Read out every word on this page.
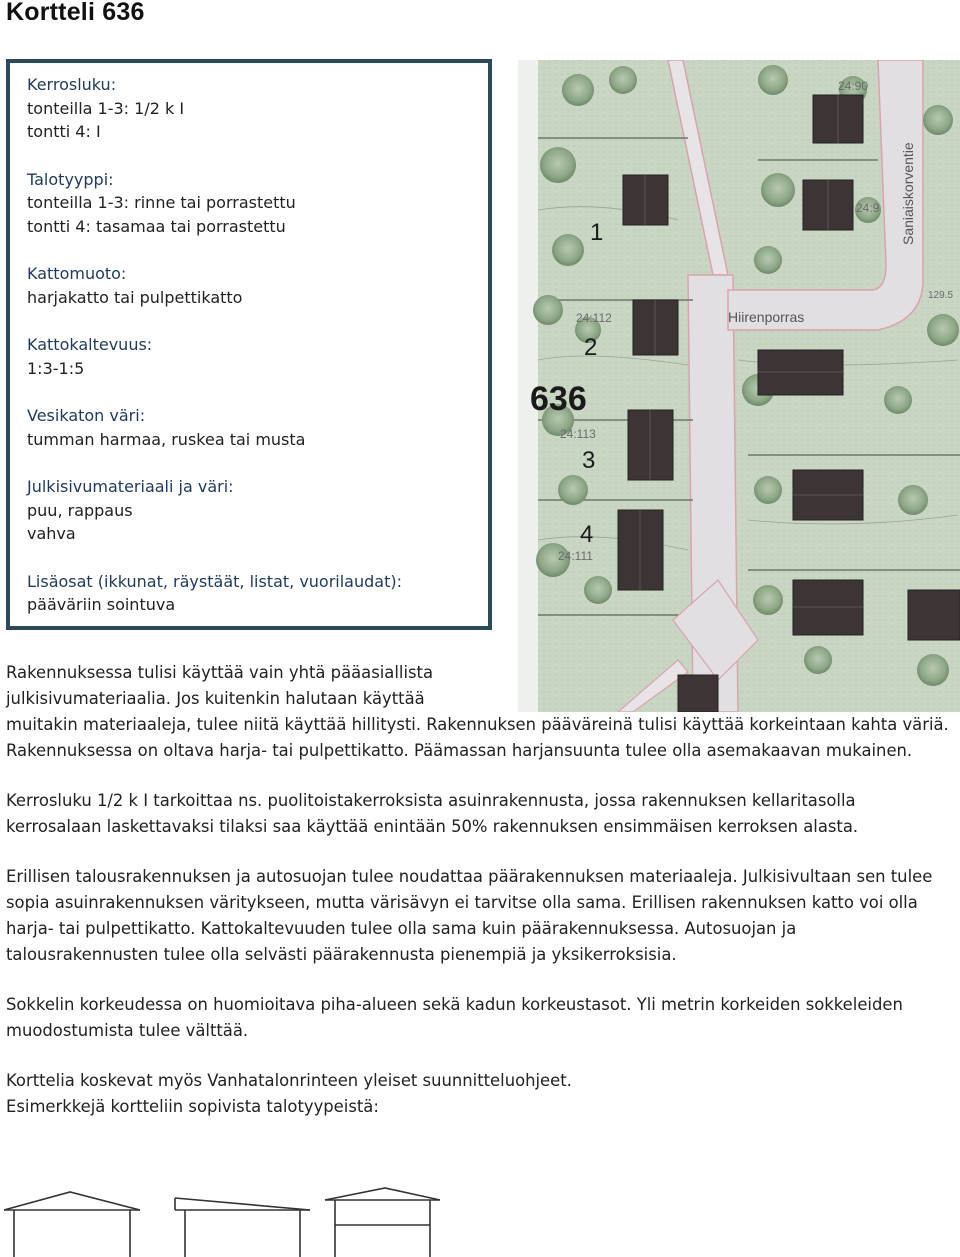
Kortteli 636
Kerrosluku:
tonteilla 1-3: 1/2 k I
tontti 4: I
Talotyyppi:
tonteilla 1-3: rinne tai porrastettu
tontti 4: tasamaa tai porrastettu
Kattomuoto:
harjakatto tai pulpettikatto
Kattokaltevuus:
1:3-1:5
Vesikaton väri:
tumman harmaa, ruskea tai musta
Julkisivumateriaali ja väri:
puu, rappaus
vahva
Lisäosat (ikkunat, räystäät, listat, vuorilaudat):
pääväriin sointuva
636
1
2
3
4
Saniaiskorventie
Hiirenporras
24:90
24:9
24:112
24:113
24:111
129.5

Rakennuksessa tulisi käyttää vain yhtä pääasiallista
julkisivumateriaalia. Jos kuitenkin halutaan käyttää
muitakin materiaaleja, tulee niitä käyttää hillitysti. Rakennuksen pääväreinä tulisi käyttää korkeintaan kahta väriä. Rakennuksessa on oltava harja- tai pulpettikatto. Päämassan harjansuunta tulee olla asemakaavan mukainen.

Kerrosluku 1/2 k I tarkoittaa ns. puolitoistakerroksista asuinrakennusta, jossa rakennuksen kellaritasolla kerrosalaan laskettavaksi tilaksi saa käyttää enintään 50% rakennuksen ensimmäisen kerroksen alasta.

Erillisen talousrakennuksen ja autosuojan tulee noudattaa päärakennuksen materiaaleja. Julkisivultaan sen tulee sopia asuinrakennuksen väritykseen, mutta värisävyn ei tarvitse olla sama. Erillisen rakennuksen katto voi olla harja- tai pulpettikatto. Kattokaltevuuden tulee olla sama kuin päärakennuksessa. Autosuojan ja talousrakennusten tulee olla selvästi päärakennusta pienempiä ja yksikerroksisia.

Sokkelin korkeudessa on huomioitava piha-alueen sekä kadun korkeustasot. Yli metrin korkeiden sokkeleiden muodostumista tulee välttää.

Korttelia koskevat myös Vanhatalonrinteen yleiset suunnitteluohjeet.
Esimerkkejä kortteliin sopivista talotyypeistä:
